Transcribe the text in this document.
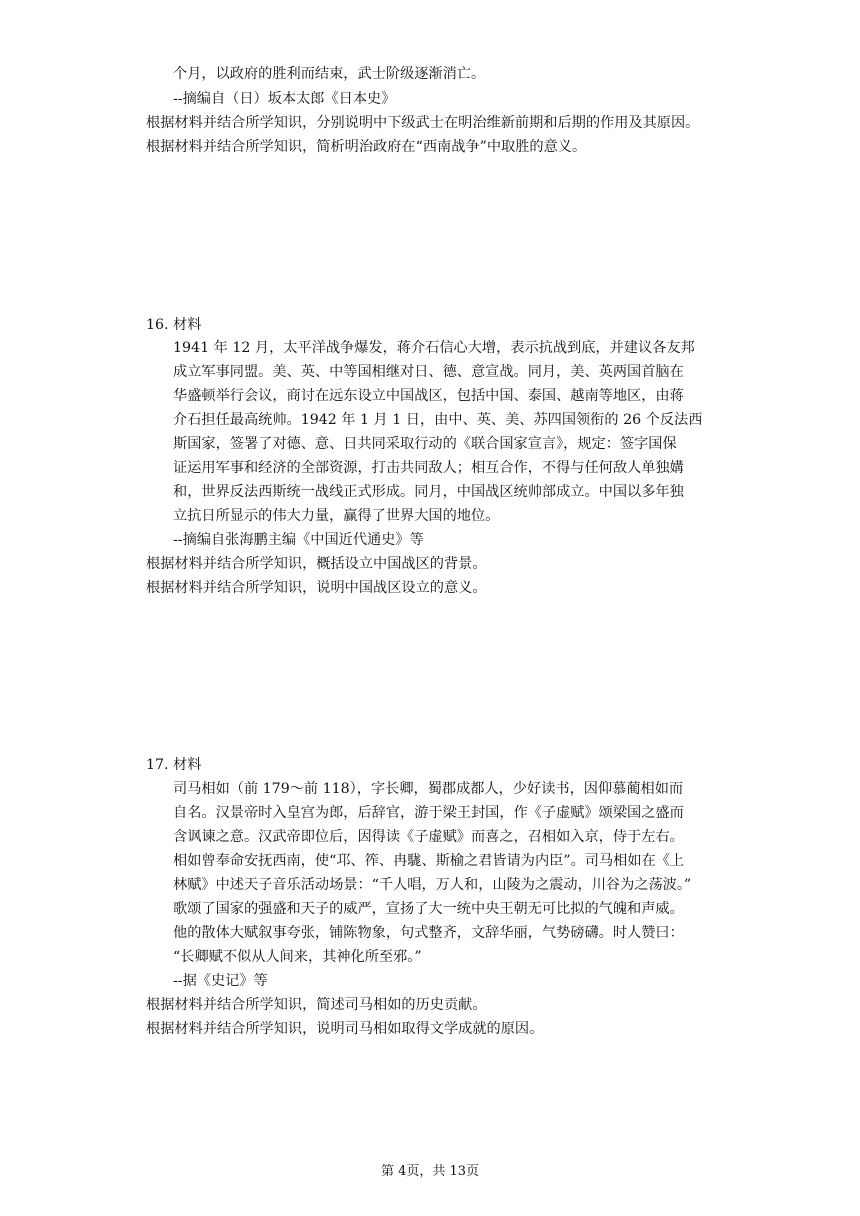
个月，以政府的胜利而结束，武士阶级逐渐消亡。
--摘编自（日）坂本太郎《日本史》
根据材料并结合所学知识，分别说明中下级武士在明治维新前期和后期的作用及其原因。
根据材料并结合所学知识，简析明治政府在“西南战争”中取胜的意义。
16. 材料
1941 年 12 月，太平洋战争爆发，蒋介石信心大增，表示抗战到底，并建议各友邦
成立军事同盟。美、英、中等国相继对日、德、意宣战。同月，美、英两国首脑在
华盛顿举行会议，商讨在远东设立中国战区，包括中国、泰国、越南等地区，由蒋
介石担任最高统帅。1942 年 1 月 1 日，由中、英、美、苏四国领衔的 26 个反法西
斯国家，签署了对德、意、日共同采取行动的《联合国家宣言》，规定：签字国保
证运用军事和经济的全部资源，打击共同敌人；相互合作，不得与任何敌人单独媾
和，世界反法西斯统一战线正式形成。同月，中国战区统帅部成立。中国以多年独
立抗日所显示的伟大力量，赢得了世界大国的地位。
--摘编自张海鹏主编《中国近代通史》等
根据材料并结合所学知识，概括设立中国战区的背景。
根据材料并结合所学知识，说明中国战区设立的意义。
17. 材料
司马相如（前 179～前 118），字长卿，蜀郡成都人，少好读书，因仰慕蔺相如而
自名。汉景帝时入皇宫为郎，后辞官，游于梁王封国，作《子虚赋》颂梁国之盛而
含讽谏之意。汉武帝即位后，因得读《子虚赋》而喜之，召相如入京，侍于左右。
相如曾奉命安抚西南，使“邛、筰、冉駹、斯榆之君皆请为内臣”。司马相如在《上
林赋》中述天子音乐活动场景：“千人唱，万人和，山陵为之震动，川谷为之荡波。”
歌颂了国家的强盛和天子的威严，宣扬了大一统中央王朝无可比拟的气魄和声威。
他的散体大赋叙事夸张，铺陈物象，句式整齐，文辞华丽，气势磅礴。时人赞曰：
“长卿赋不似从人间来，其神化所至邪。”
--据《史记》等
根据材料并结合所学知识，简述司马相如的历史贡献。
根据材料并结合所学知识，说明司马相如取得文学成就的原因。
第 4页，共 13页
